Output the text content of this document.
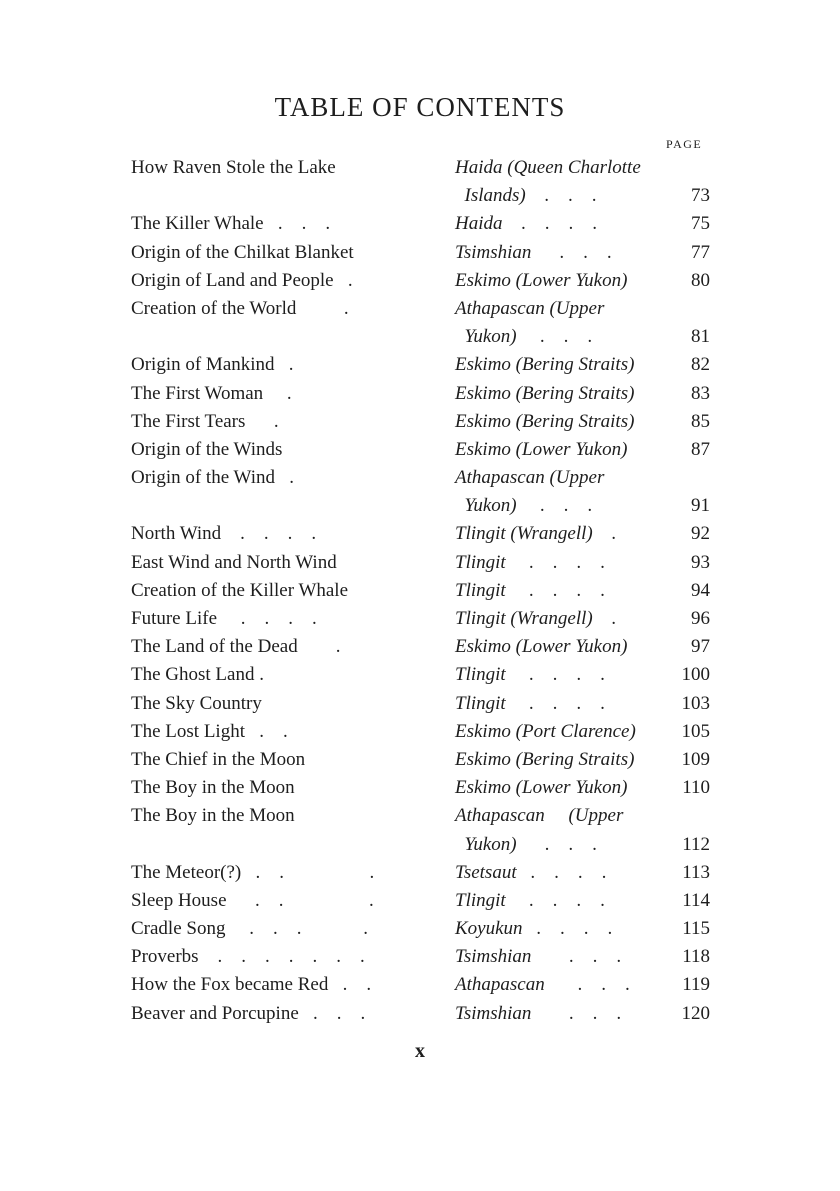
TABLE OF CONTENTS
PAGE
How Raven Stole the Lake	Haida (Queen Charlotte
Islands)    .    .    .	73
The Killer Whale   .    .    .	Haida    .    .    .    .	75
Origin of the Chilkat Blanket	Tsimshian      .    .    .	77
Origin of Land and People   .	Eskimo (Lower Yukon)	80
Creation of the World          .	Athapascan (Upper
Yukon)     .    .    .	81
Origin of Mankind   .	Eskimo (Bering Straits)	82
The First Woman     .	Eskimo (Bering Straits)	83
The First Tears      .	Eskimo (Bering Straits)	85
Origin of the Winds	Eskimo (Lower Yukon)	87
Origin of the Wind   .	Athapascan (Upper
Yukon)     .    .    .	91
North Wind    .    .    .    .	Tlingit (Wrangell)    .	92
East Wind and North Wind	Tlingit     .    .    .    .	93
Creation of the Killer Whale	Tlingit     .    .    .    .	94
Future Life     .    .    .    .	Tlingit (Wrangell)    .	96
The Land of the Dead        .	Eskimo (Lower Yukon)	97
The Ghost Land .	Tlingit     .    .    .    .	100
The Sky Country	Tlingit     .    .    .    .	103
The Lost Light   .    .	Eskimo (Port Clarence) 105
The Chief in the Moon	Eskimo (Bering Straits) 109
The Boy in the Moon	Eskimo (Lower Yukon)	110
The Boy in the Moon	Athapascan     (Upper
Yukon)      .    .    .	112
The Meteor(?)   .    .                  .	Tsetsaut   .    .    .    .	113
Sleep House      .    .                  .	Tlingit     .    .    .    .	114
Cradle Song     .    .    .             .	Koyukun   .    .    .    .	115
Proverbs    .    .    .    .    .    .    .	Tsimshian        .    .    .	118
How the Fox became Red   .    .	Athapascan       .    .    .	119
Beaver and Porcupine   .    .    .	Tsimshian        .    .    .	120
x
